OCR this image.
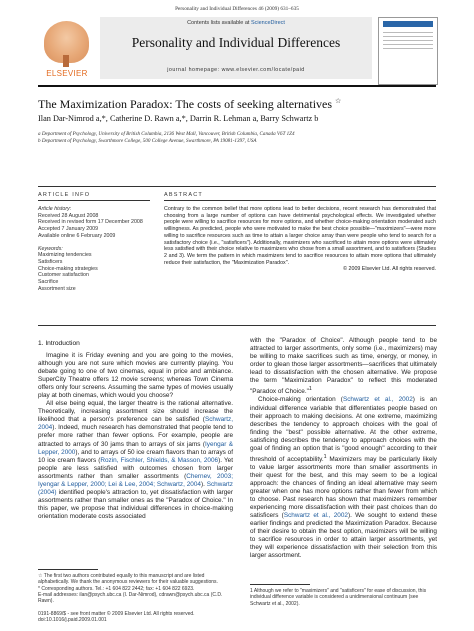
Personality and Individual Differences 46 (2009) 631–635
ELSEVIER
Contents lists available at ScienceDirect
Personality and Individual Differences
journal homepage: www.elsevier.com/locate/paid
The Maximization Paradox: The costs of seeking alternatives ☆
Ilan Dar-Nimrod a,*, Catherine D. Rawn a,*, Darrin R. Lehman a, Barry Schwartz b
a Department of Psychology, University of British Columbia, 2136 West Mall, Vancouver, British Columbia, Canada V6T 1Z4
b Department of Psychology, Swarthmore College, 500 College Avenue, Swarthmore, PA 19081-1397, USA
ARTICLE INFO	ABSTRACT
Article history:
Received 28 August 2008
Received in revised form 17 December 2008
Accepted 7 January 2009
Available online 6 February 2009
Keywords:
Maximizing tendencies
Satisficers
Choice-making strategies
Customer satisfaction
Sacrifice
Assortment size
Contrary to the common belief that more options lead to better decisions, recent research has demonstrated that choosing from a large number of options can have detrimental psychological effects. We investigated whether people were willing to sacrifice resources for more options, and whether choice-making orientation moderated such willingness. As predicted, people who were motivated to make the best choice possible—"maximizers"—were more willing to sacrifice resources such as time to attain a larger choice array than were people who tend to search for a satisfactory choice (i.e., "satisficers"). Additionally, maximizers who sacrificed to attain more options were ultimately less satisfied with their choice relative to maximizers who chose from a small assortment, and to satisficers (Studies 2 and 3). We term the pattern in which maximizers tend to sacrifice resources to attain more options that ultimately reduce their satisfaction, the "Maximization Paradox".
© 2009 Elsevier Ltd. All rights reserved.
1. Introduction

Imagine it is Friday evening and you are going to the movies, although you are not sure which movies are currently playing. You debate going to one of two cinemas, equal in price and ambiance. SuperCity Theatre offers 12 movie screens; whereas Town Cinema offers only four screens. Assuming the same types of movies usually play at both cinemas, which would you choose?

All else being equal, the larger theatre is the rational alternative. Theoretically, increasing assortment size should increase the likelihood that a person's preference can be satisfied (Schwartz, 2004). Indeed, much research has demonstrated that people tend to prefer more rather than fewer options. For example, people are attracted to arrays of 30 jams than to arrays of six jams (Iyengar & Lepper, 2000), and to arrays of 50 ice cream flavors than to arrays of 10 ice cream flavors (Rozin, Fischler, Shields, & Masson, 2006). Yet people are less satisfied with outcomes chosen from larger assortments rather than smaller assortments (Chernev, 2003; Iyengar & Lepper, 2000; Lei & Lee, 2004; Schwartz, 2004). Schwartz (2004) identified people's attraction to, yet dissatisfaction with larger assortments rather than smaller ones as the "Paradox of Choice." In this paper, we propose that individual differences in choice-making orientation moderate costs associated

with the "Paradox of Choice". Although people tend to be attracted to larger assortments, only some (i.e., maximizers) may be willing to make sacrifices such as time, energy, or money, in order to glean those larger assortments—sacrifices that ultimately lead to dissatisfaction with the chosen alternative. We propose the term "Maximization Paradox" to reflect this moderated "Paradox of Choice."$^1$

Choice-making orientation (Schwartz et al., 2002) is an individual difference variable that differentiates people based on their approach to making decisions. At one extreme, maximizing describes the tendency to approach choices with the goal of finding the "best" possible alternative. At the other extreme, satisficing describes the tendency to approach choices with the goal of finding an option that is "good enough" according to their threshold of acceptability.$^1$ Maximizers may be particularly likely to value larger assortments more than smaller assortments in their quest for the best, and this may seem to be a logical approach: the chances of finding an ideal alternative may seem greater when one has more options rather than fewer from which to choose. Past research has shown that maximizers remember experiencing more dissatisfaction with their past choices than do satisficers (Schwartz et al., 2002). We sought to extend these earlier findings and predicted the Maximization Paradox. Because of their desire to obtain the best option, maximizers will be willing to sacrifice resources in order to attain larger assortments, yet they will experience dissatisfaction with their selection from this larger assortment.

☆ The first two authors contributed equally to this manuscript and are listed alphabetically. We thank the anonymous reviewers for their valuable suggestions.
* Corresponding authors. Tel.: +1 604 822 2442; fax: +1 604 822 6923.
E-mail addresses: ilan@psych.ubc.ca (I. Dar-Nimrod), cdrawn@psych.ubc.ca (C.D. Rawn).
0191-8869/$ - see front matter © 2009 Elsevier Ltd. All rights reserved.
doi:10.1016/j.paid.2009.01.001
1 Although we refer to "maximizers" and "satisficers" for ease of discussion, this individual difference variable is considered a unidimensional continuum (see Schwartz et al., 2002).
